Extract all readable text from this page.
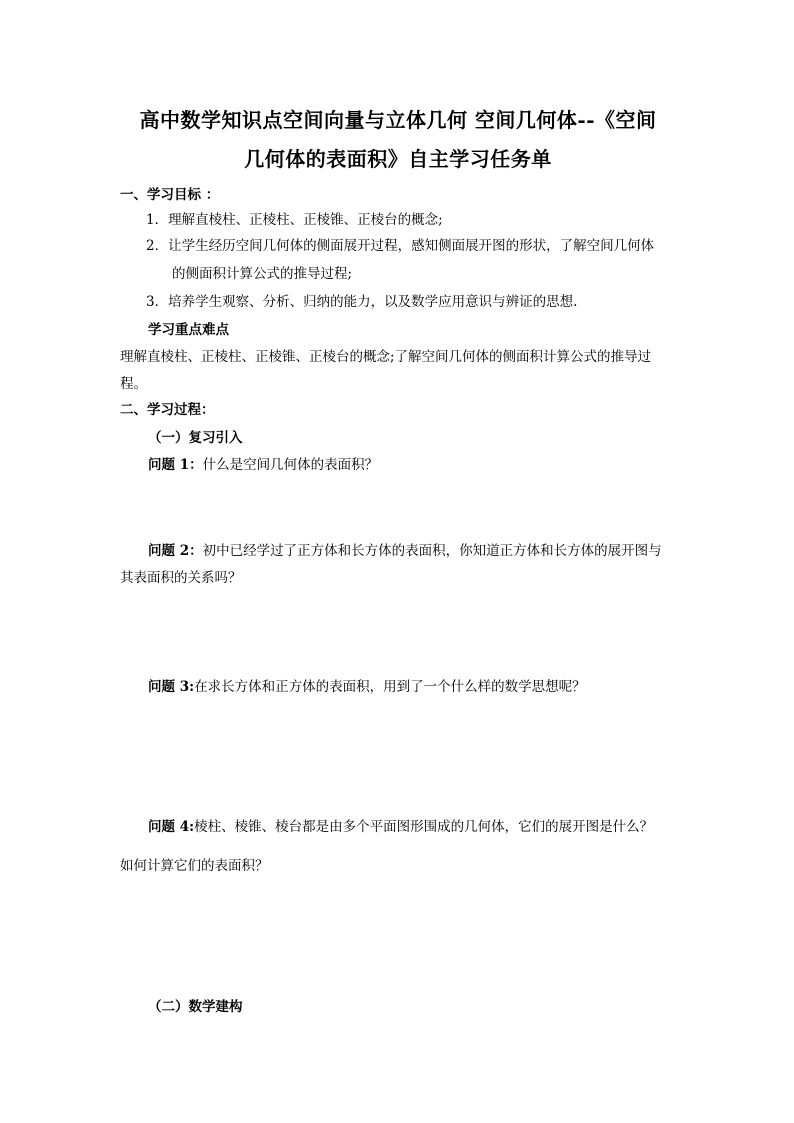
高中数学知识点空间向量与立体几何 空间几何体--《空间
几何体的表面积》自主学习任务单
一、学习目标 ：
1．理解直棱柱、正棱柱、正棱锥、正棱台的概念;
2．让学生经历空间几何体的侧面展开过程，感知侧面展开图的形状，了解空间几何体
的侧面积计算公式的推导过程;
3．培养学生观察、分析、归纳的能力，以及数学应用意识与辨证的思想.
学习重点难点
理解直棱柱、正棱柱、正棱锥、正棱台的概念;了解空间几何体的侧面积计算公式的推导过
程。
二、学习过程：
（一）复习引入
问题 1：什么是空间几何体的表面积？
问题 2：初中已经学过了正方体和长方体的表面积，你知道正方体和长方体的展开图与
其表面积的关系吗？
问题 3:在求长方体和正方体的表面积，用到了一个什么样的数学思想呢？
问题 4:棱柱、棱锥、棱台都是由多个平面图形围成的几何体，它们的展开图是什么？
如何计算它们的表面积？
（二）数学建构
